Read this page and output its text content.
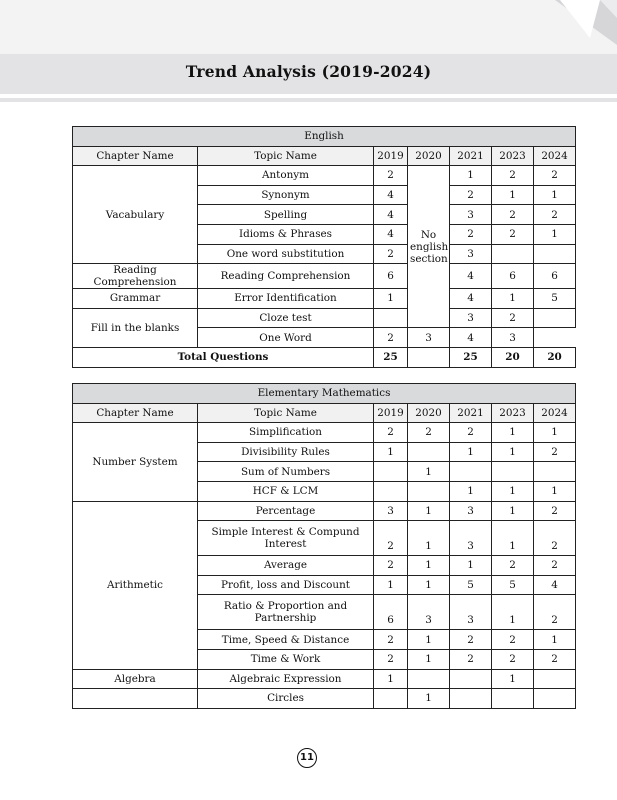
Trend Analysis (2019-2024)
English						
Chapter Name	Topic Name	2019	2020	2021	2023	2024
Vacabulary	Antonym	2	No english section	1	2	2
	Synonym	4		2	1	1
	Spelling	4		3	2	2
	Idioms & Phrases	4		2	2	1
	One word substitution	2		3		
Reading Comprehension	Reading Comprehension	6		4	6	6
Grammar	Error Identification	1		4	1	5
Fill in the blanks	Cloze test			3	2	
	One Word	2	3	4	3	
Total Questions		25		25	20	20
Elementary Mathematics						
Chapter Name	Topic Name	2019	2020	2021	2023	2024
Number System	Simplification	2	2	2	1	1
	Divisibility Rules	1		1	1	2
	Sum of Numbers		1			
	HCF & LCM			1	1	1
Arithmetic	Percentage	3	1	3	1	2
	Simple Interest & Compund Interest	2	1	3	1	2
	Average	2	1	1	2	2
	Profit, loss and Discount	1	1	5	5	4
	Ratio & Proportion and Partnership	6	3	3	1	2
	Time, Speed & Distance	2	1	2	2	1
	Time & Work	2	1	2	2	2
Algebra	Algebraic Expression	1			1	
	Circles		1			
11
